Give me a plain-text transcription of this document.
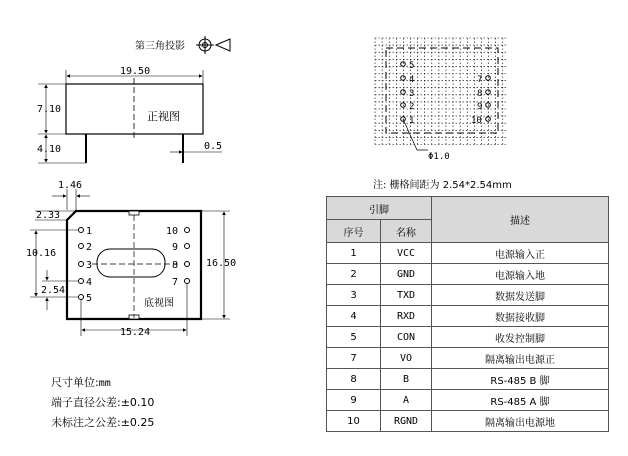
第三角投影
19.50
7.10
4.10	0.5
正视图
1.46
2.33
10.16
2.54
16.50
15.24
底视图
1
2
3
4
5
10
9
8
7
5
4
3
2
1
7
8
9
10
Φ1.0
注: 栅格间距为 2.54*2.54mm
尺寸单位:mm
端子直径公差:±0.10
未标注之公差:±0.25
引脚		描述
序号	名称	
1	VCC	电源输入正
2	GND	电源输入地
3	TXD	数据发送脚
4	RXD	数据接收脚
5	CON	收发控制脚
7	VO	隔离输出电源正
8	B	RS-485 B 脚
9	A	RS-485 A 脚
10	RGND	隔离输出电源地
